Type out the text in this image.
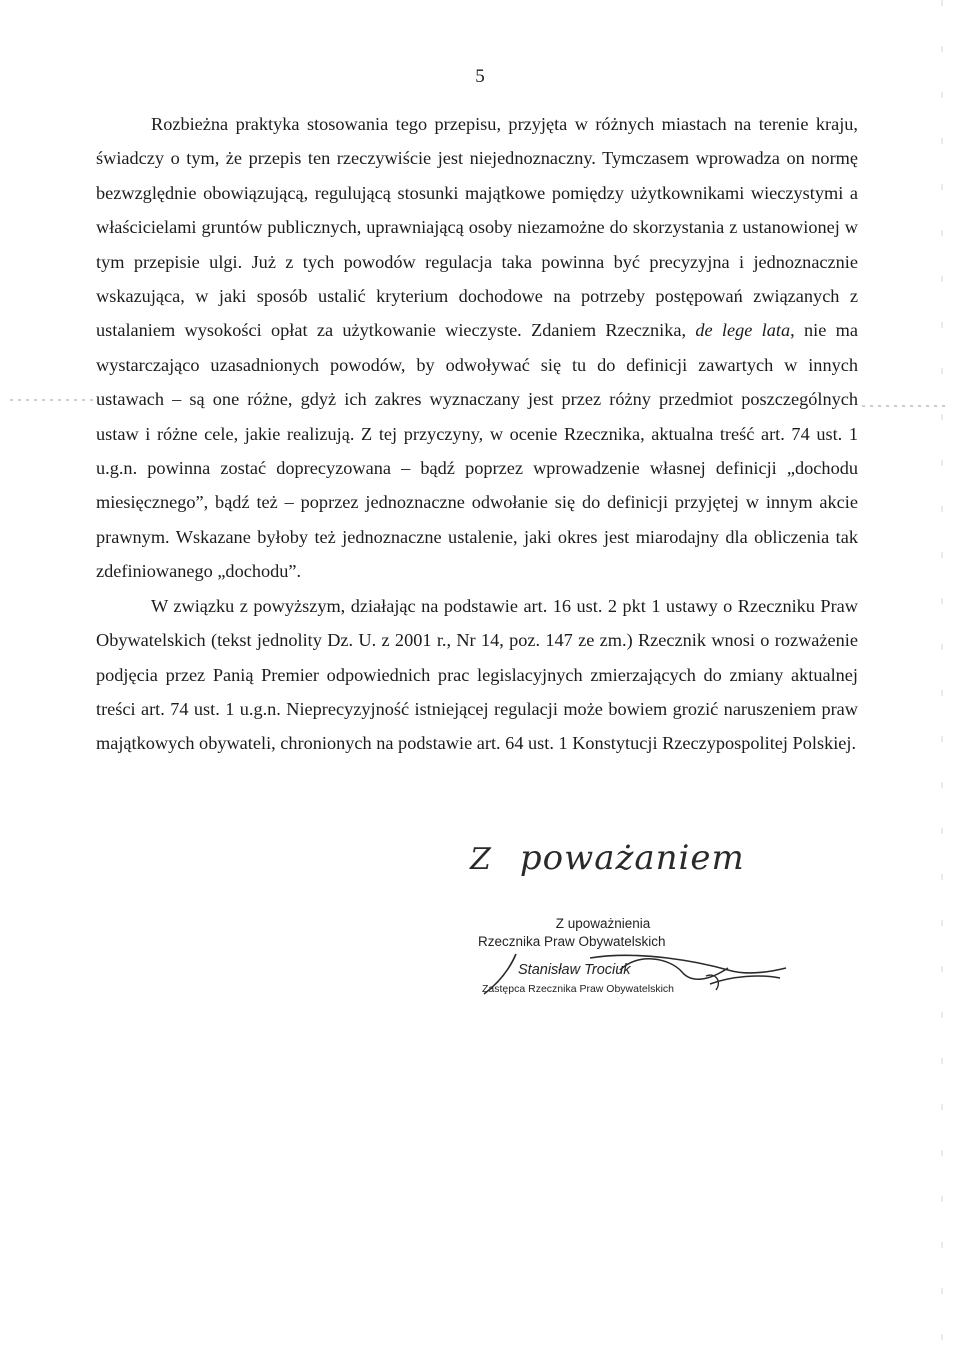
5

Rozbieżna praktyka stosowania tego przepisu, przyjęta w różnych miastach na terenie kraju, świadczy o tym, że przepis ten rzeczywiście jest niejednoznaczny. Tymczasem wprowadza on normę bezwzględnie obowiązującą, regulującą stosunki majątkowe pomiędzy użytkownikami wieczystymi a właścicielami gruntów publicznych, uprawniającą osoby niezamożne do skorzystania z ustanowionej w tym przepisie ulgi. Już z tych powodów regulacja taka powinna być precyzyjna i jednoznacznie wskazująca, w jaki sposób ustalić kryterium dochodowe na potrzeby postępowań związanych z ustalaniem wysokości opłat za użytkowanie wieczyste. Zdaniem Rzecznika, de lege lata, nie ma wystarczająco uzasadnionych powodów, by odwoływać się tu do definicji zawartych w innych ustawach – są one różne, gdyż ich zakres wyznaczany jest przez różny przedmiot poszczególnych ustaw i różne cele, jakie realizują. Z tej przyczyny, w ocenie Rzecznika, aktualna treść art. 74 ust. 1 u.g.n. powinna zostać doprecyzowana – bądź poprzez wprowadzenie własnej definicji „dochodu miesięcznego”, bądź też – poprzez jednoznaczne odwołanie się do definicji przyjętej w innym akcie prawnym. Wskazane byłoby też jednoznaczne ustalenie, jaki okres jest miarodajny dla obliczenia tak zdefiniowanego „dochodu”.

W związku z powyższym, działając na podstawie art. 16 ust. 2 pkt 1 ustawy o Rzeczniku Praw Obywatelskich (tekst jednolity Dz. U. z 2001 r., Nr 14, poz. 147 ze zm.) Rzecznik wnosi o rozważenie podjęcia przez Panią Premier odpowiednich prac legislacyjnych zmierzających do zmiany aktualnej treści art. 74 ust. 1 u.g.n. Nieprecyzyjność istniejącej regulacji może bowiem grozić naruszeniem praw majątkowych obywateli, chronionych na podstawie art. 64 ust. 1 Konstytucji Rzeczypospolitej Polskiej.

Z poważaniem
Z upoważnienia
Rzecznika Praw Obywatelskich
Stanisław Trociuk
Zastępca Rzecznika Praw Obywatelskich
